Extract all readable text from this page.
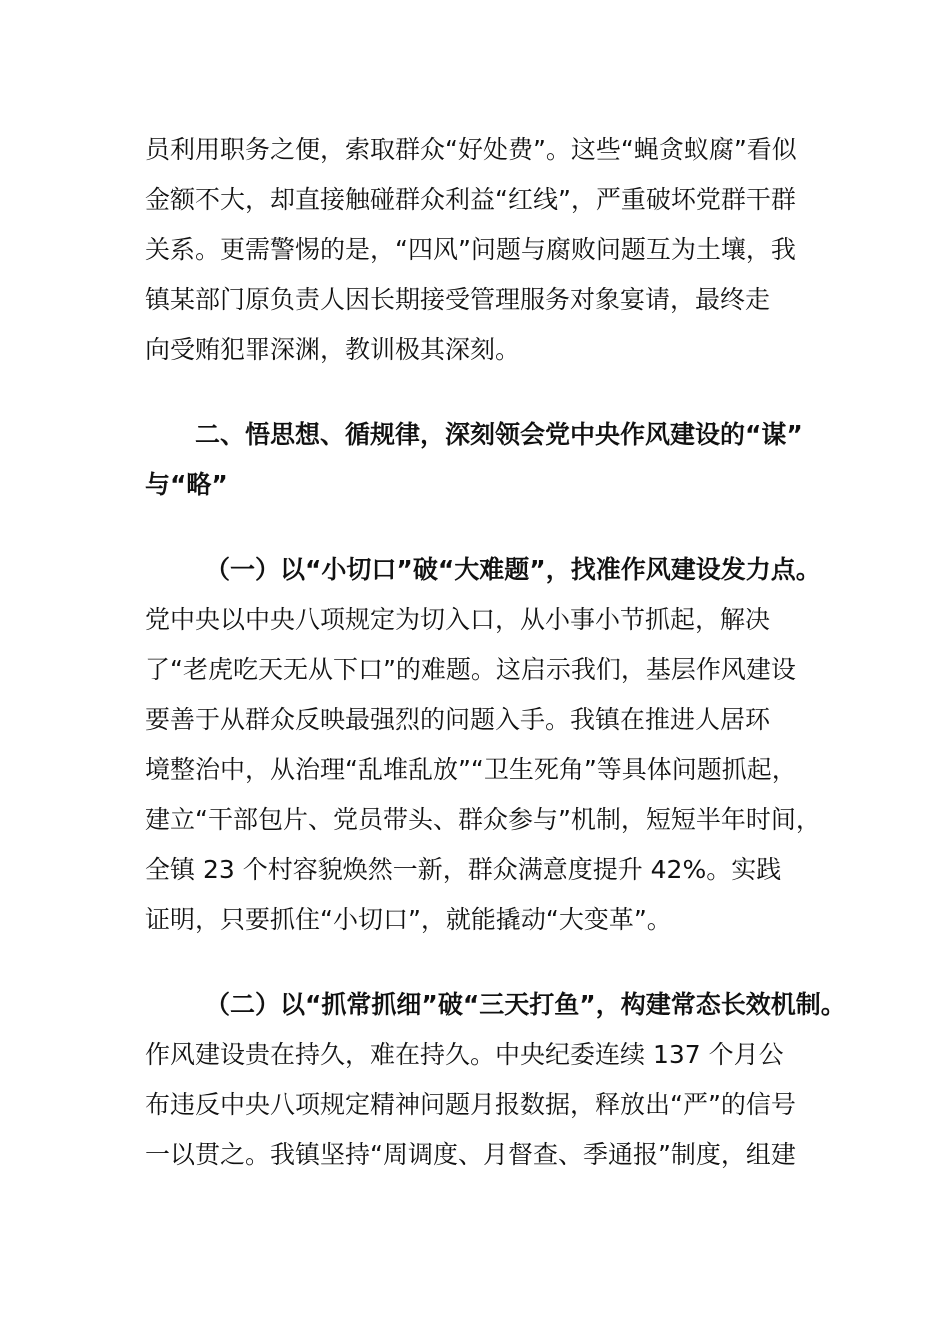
员利用职务之便，索取群众“好处费”。这些“蝇贪蚁腐”看似
金额不大，却直接触碰群众利益“红线”，严重破坏党群干群
关系。更需警惕的是，“四风”问题与腐败问题互为土壤，我
镇某部门原负责人因长期接受管理服务对象宴请，最终走
向受贿犯罪深渊，教训极其深刻。
二、悟思想、循规律，深刻领会党中央作风建设的“谋”
与“略”
（一）以“小切口”破“大难题”，找准作风建设发力点。
党中央以中央八项规定为切入口，从小事小节抓起，解决
了“老虎吃天无从下口”的难题。这启示我们，基层作风建设
要善于从群众反映最强烈的问题入手。我镇在推进人居环
境整治中，从治理“乱堆乱放”“卫生死角”等具体问题抓起，
建立“干部包片、党员带头、群众参与”机制，短短半年时间，
全镇 23 个村容貌焕然一新，群众满意度提升 42%。实践
证明，只要抓住“小切口”，就能撬动“大变革”。
（二）以“抓常抓细”破“三天打鱼”，构建常态长效机制。
作风建设贵在持久，难在持久。中央纪委连续 137 个月公
布违反中央八项规定精神问题月报数据，释放出“严”的信号
一以贯之。我镇坚持“周调度、月督查、季通报”制度，组建
